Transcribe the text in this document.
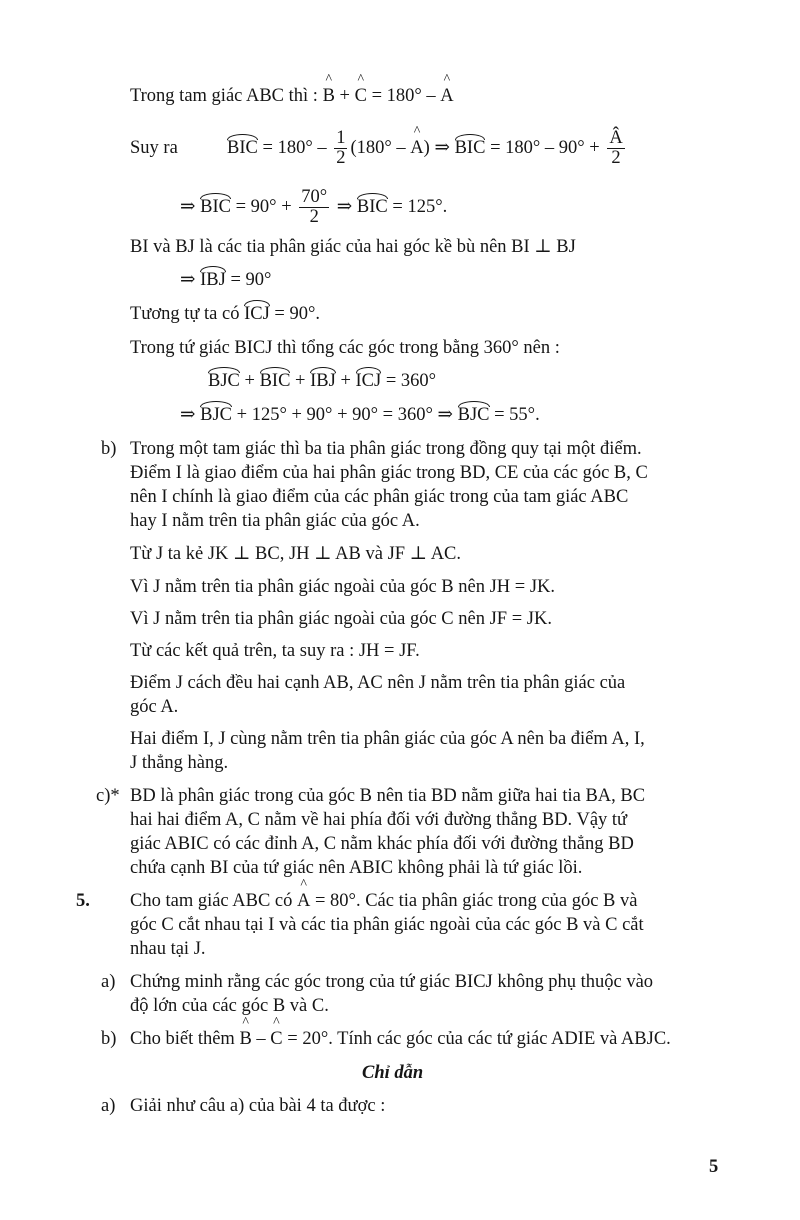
Trong tam giác ABC thì : ^ B + ^ C = 180° – ^ A
Suy ra	BIC = $180^\circ - \frac{1}{2} (180^\circ$ – ^ A) ⇒ BIC = $180^\circ - 90^\circ + \frac{Â}{2}$
⇒ BIC = $90^\circ + \frac{70^\circ}{2}$ ⇒ BIC = 125°.
BI và BJ là các tia phân giác của hai góc kề bù nên BI ⊥ BJ
⇒ IBJ = 90°
Tương tự ta có ICJ = 90°.
Trong tứ giác BICJ thì tổng các góc trong bằng 360° nên :
BJC + BIC + IBJ + ICJ = 360°
⇒ BJC + 125° + 90° + 90° = 360° ⇒ BJC = 55°.
b) Trong một tam giác thì ba tia phân giác trong đồng quy tại một điểm.
Điểm I là giao điểm của hai phân giác trong BD, CE của các góc B, C
nên I chính là giao điểm của các phân giác trong của tam giác ABC
hay I nằm trên tia phân giác của góc A.
Từ J ta kẻ JK ⊥ BC, JH ⊥ AB và JF ⊥ AC.
Vì J nằm trên tia phân giác ngoài của góc B nên JH = JK.
Vì J nằm trên tia phân giác ngoài của góc C nên JF = JK.
Từ các kết quả trên, ta suy ra : JH = JF.
Điểm J cách đều hai cạnh AB, AC nên J nằm trên tia phân giác của
góc A.
Hai điểm I, J cùng nằm trên tia phân giác của góc A nên ba điểm A, I,
J thẳng hàng.
c)* BD là phân giác trong của góc B nên tia BD nằm giữa hai tia BA, BC
hai hai điểm A, C nằm về hai phía đối với đường thẳng BD. Vậy tứ
giác ABIC có các đỉnh A, C nằm khác phía đối với đường thẳng BD
chứa cạnh BI của tứ giác nên ABIC không phải là tứ giác lồi.
5. Cho tam giác ABC có ^ A = 80°. Các tia phân giác trong của góc B và
góc C cắt nhau tại I và các tia phân giác ngoài của các góc B và C cắt
nhau tại J.
a) Chứng minh rằng các góc trong của tứ giác BICJ không phụ thuộc vào
độ lớn của các góc B và C.
b) Cho biết thêm ^ B – ^ C = 20°. Tính các góc của các tứ giác ADIE và ABJC.
Chỉ dẫn
a) Giải như câu a) của bài 4 ta được :
5
